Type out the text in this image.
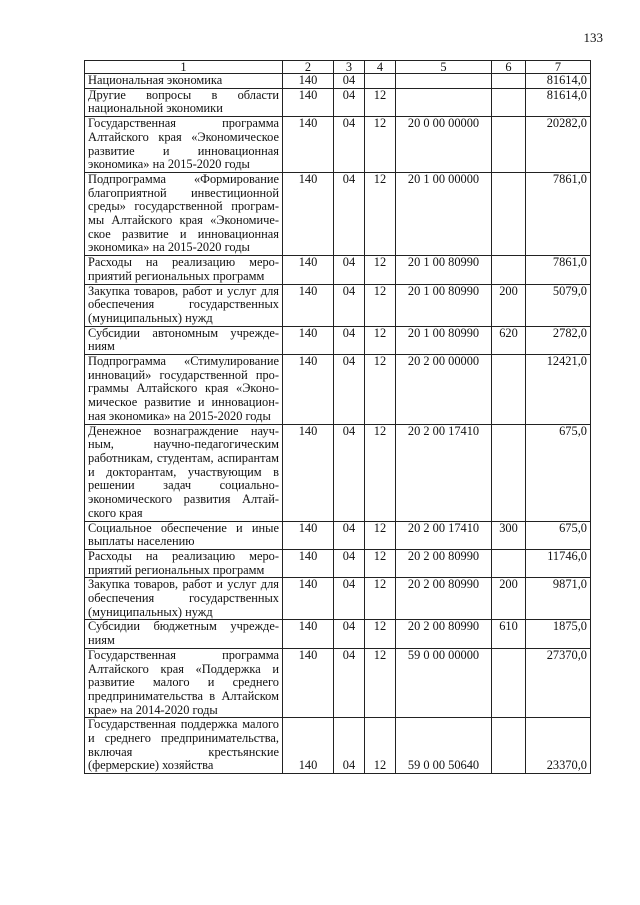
133
1	2	3	4	5	6	7
Национальная экономика	140	04				81614,0
Другие вопросы в области национальной экономики	140	04	12			81614,0
Государственная программа Алтайского края «Экономическое развитие и инновационная экономика» на 2015-2020 годы	140	04	12	20 0 00 00000		20282,0
Подпрограмма «Формирование благоприятной инвестиционной среды» государственной программы Алтайского края «Экономическое развитие и инновационная экономика» на 2015-2020 годы	140	04	12	20 1 00 00000		7861,0
Расходы на реализацию мероприятий региональных программ	140	04	12	20 1 00 80990		7861,0
Закупка товаров, работ и услуг для обеспечения государственных (муниципальных) нужд	140	04	12	20 1 00 80990	200	5079,0
Субсидии автономным учреждениям	140	04	12	20 1 00 80990	620	2782,0
Подпрограмма «Стимулирование инноваций» государственной программы Алтайского края «Экономическое развитие и инновационная экономика» на 2015-2020 годы	140	04	12	20 2 00 00000		12421,0
Денежное вознаграждение научным, научно-педагогическим работникам, студентам, аспирантам и докторантам, участвующим в решении задач социально-экономического развития Алтайского края	140	04	12	20 2 00 17410		675,0
Социальное обеспечение и иные выплаты населению	140	04	12	20 2 00 17410	300	675,0
Расходы на реализацию мероприятий региональных программ	140	04	12	20 2 00 80990		11746,0
Закупка товаров, работ и услуг для обеспечения государственных (муниципальных) нужд	140	04	12	20 2 00 80990	200	9871,0
Субсидии бюджетным учреждениям	140	04	12	20 2 00 80990	610	1875,0
Государственная программа Алтайского края «Поддержка и развитие малого и среднего предпринимательства в Алтайском крае» на 2014-2020 годы	140	04	12	59 0 00 00000		27370,0
Государственная поддержка малого и среднего предпринимательства, включая крестьянские (фермерские) хозяйства	140	04	12	59 0 00 50640		23370,0
